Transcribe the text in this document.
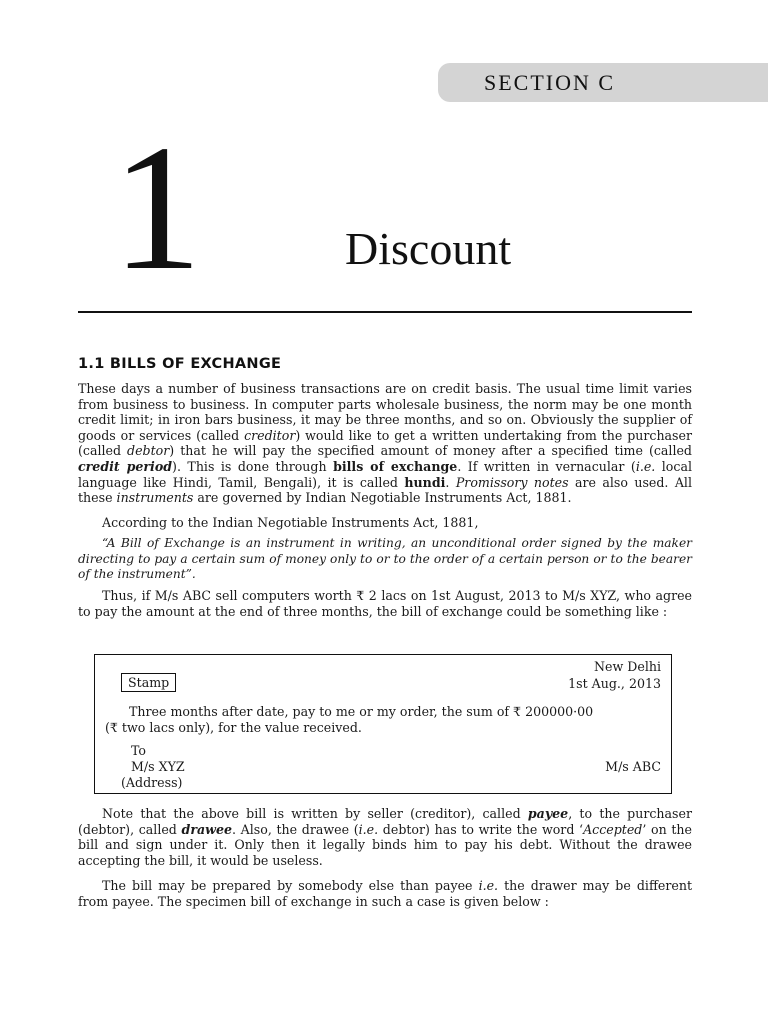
SECTION C
1	Discount
1.1 BILLS OF EXCHANGE
These days a number of business transactions are on credit basis. The usual time limit varies from business to business. In computer parts wholesale business, the norm may be one month credit limit; in iron bars business, it may be three months, and so on. Obviously the supplier of goods or services (called creditor) would like to get a written undertaking from the purchaser (called debtor) that he will pay the specified amount of money after a specified time (called credit period). This is done through bills of exchange. If written in vernacular (i.e. local language like Hindi, Tamil, Bengali), it is called hundi. Promissory notes are also used. All these instruments are governed by Indian Negotiable Instruments Act, 1881.
According to the Indian Negotiable Instruments Act, 1881,
“A Bill of Exchange is an instrument in writing, an unconditional order signed by the maker directing to pay a certain sum of money only to or to the order of a certain person or to the bearer of the instrument”.
Thus, if M/s ABC sell computers worth ₹ 2 lacs on 1st August, 2013 to M/s XYZ, who agree to pay the amount at the end of three months, the bill of exchange could be something like :
New Delhi
1st Aug., 2013
Stamp
Three months after date, pay to me or my order, the sum of ₹ 200000·00
(₹ two lacs only), for the value received.
To
M/s XYZ
(Address)
M/s ABC
Note that the above bill is written by seller (creditor), called payee, to the purchaser (debtor), called drawee. Also, the drawee (i.e. debtor) has to write the word ‘Accepted’ on the bill and sign under it. Only then it legally binds him to pay his debt. Without the drawee accepting the bill, it would be useless.
The bill may be prepared by somebody else than payee i.e. the drawer may be different from payee. The specimen bill of exchange in such a case is given below :
